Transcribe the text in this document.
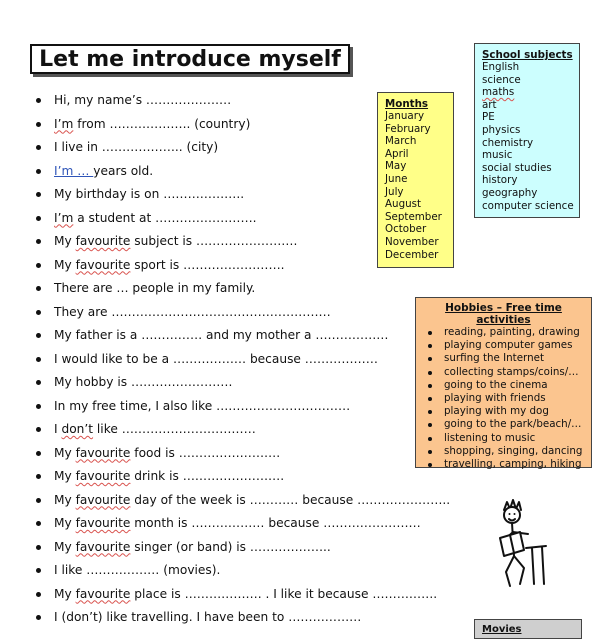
Let me introduce myself
Hi, my name’s …………………
I’m from ……………….. (country)
I live in ……………….. (city)
I’m … years old.
My birthday is on ………………..
I’m a student at …………………….
My favourite subject is …………………….
My favourite sport is …………………….
There are … people in my family.
They are ………………………………………………
My father is a …………… and my mother a ………………
I would like to be a ……………… because ………………
My hobby is …………………….
In my free time, I also like ……………………………
I don’t like ……………………………
My favourite food is …………………….
My favourite drink is …………………….
My favourite day of the week is ………… because …………………..
My favourite month is ……………… because ……………………
My favourite singer (or band) is ………………..
I like ……………… (movies).
My favourite place is ………………. . I like it because …………….
I (don’t) like travelling. I have been to ………………
Months
January
February
March
April
May
June
July
August
September
October
November
December
School subjects
English
science
maths
art
PE
physics
chemistry
music
social studies
history
geography
computer science
Hobbies – Free time activities
reading, painting, drawing
playing computer games
surfing the Internet
collecting stamps/coins/…
going to the cinema
playing with friends
playing with my dog
going to the park/beach/…
listening to music
shopping, singing, dancing
travelling, camping, hiking
Movies
